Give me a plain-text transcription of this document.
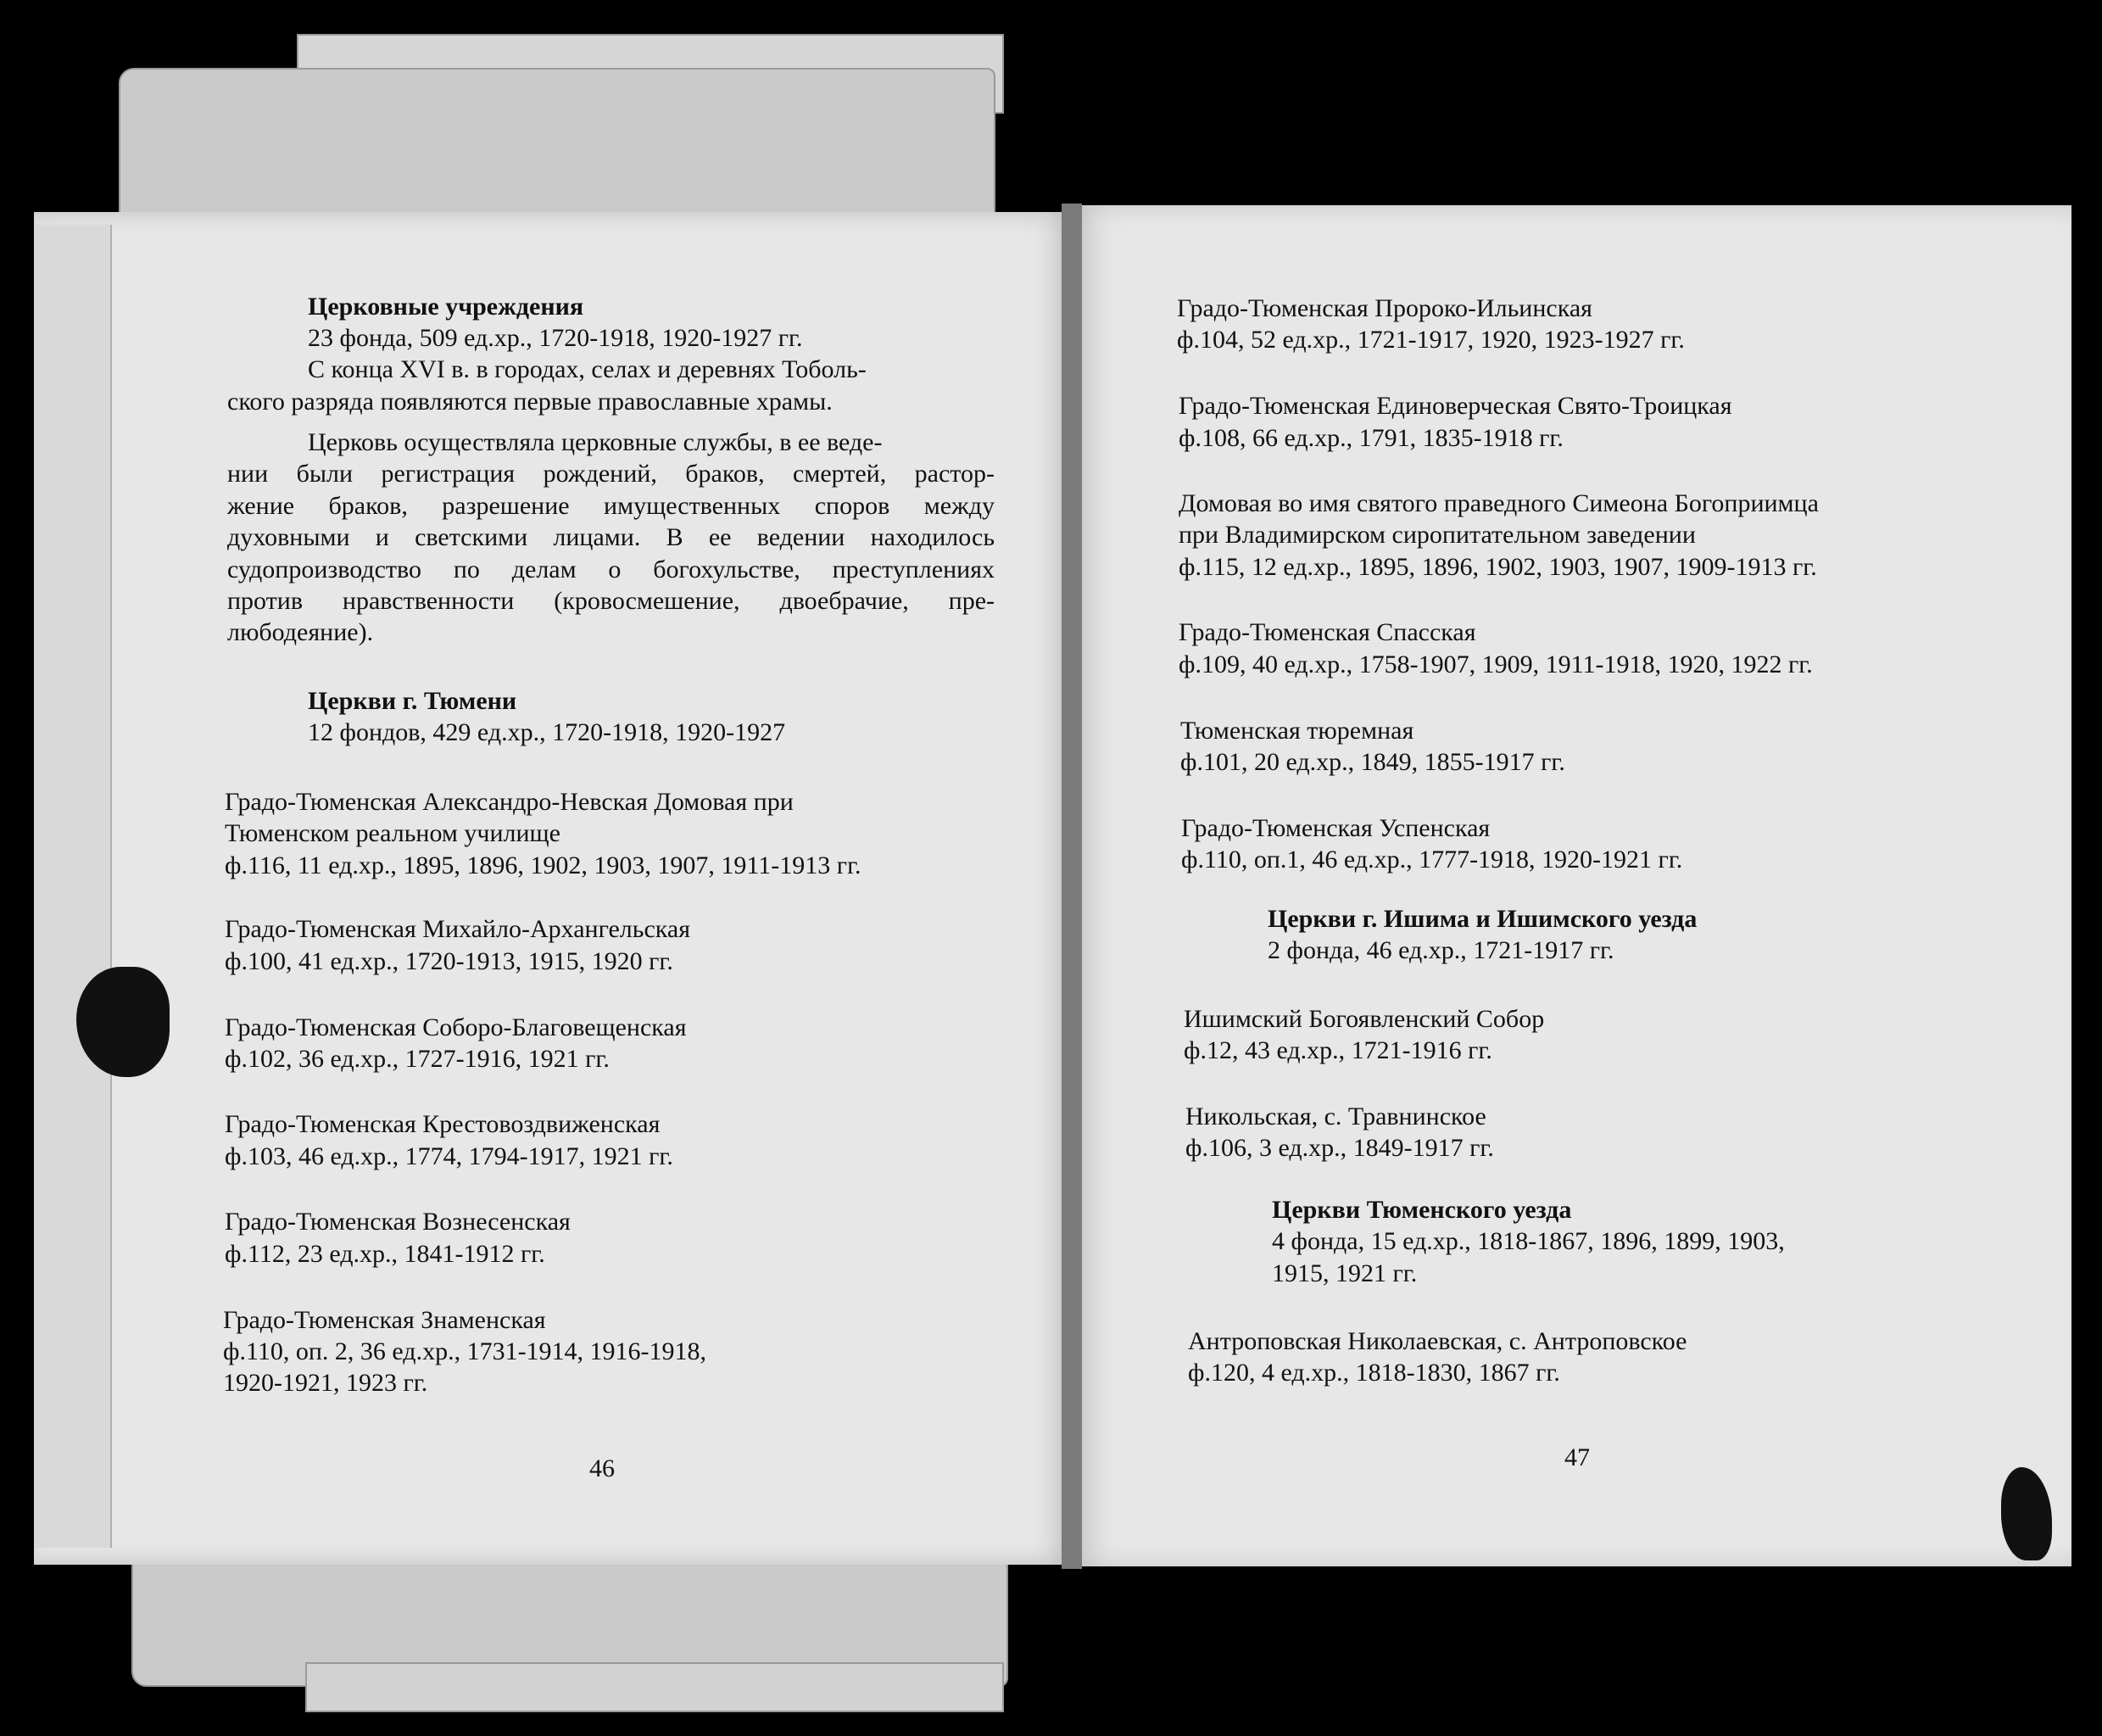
Церковные учреждения
23 фонда, 509 ед.хр., 1720-1918, 1920-1927 гг.
С конца XVI в. в городах, селах и деревнях Тоболь-
ского разряда появляются первые православные храмы.
Церковь осуществляла церковные службы, в ее веде-
нии были регистрация рождений, браков, смертей, растор-
жение браков, разрешение имущественных споров между
духовными и светскими лицами. В ее ведении находилось
судопроизводство по делам о богохульстве, преступлениях
против нравственности (кровосмешение, двоебрачие, пре-
любодеяние).
Церкви г. Тюмени
12 фондов, 429 ед.хр., 1720-1918, 1920-1927
Градо-Тюменская Александро-Невская Домовая при
Тюменском реальном училище
ф.116, 11 ед.хр., 1895, 1896, 1902, 1903, 1907, 1911-1913 гг.
Градо-Тюменская Михайло-Архангельская
ф.100, 41 ед.хр., 1720-1913, 1915, 1920 гг.
Градо-Тюменская Соборо-Благовещенская
ф.102, 36 ед.хр., 1727-1916, 1921 гг.
Градо-Тюменская Крестовоздвиженская
ф.103, 46 ед.хр., 1774, 1794-1917, 1921 гг.
Градо-Тюменская Вознесенская
ф.112, 23 ед.хр., 1841-1912 гг.
Градо-Тюменская Знаменская
ф.110, оп. 2, 36 ед.хр., 1731-1914, 1916-1918,
1920-1921, 1923 гг.
46
Градо-Тюменская Пророко-Ильинская
ф.104, 52 ед.хр., 1721-1917, 1920, 1923-1927 гг.
Градо-Тюменская Единоверческая Свято-Троицкая
ф.108, 66 ед.хр., 1791, 1835-1918 гг.
Домовая во имя святого праведного Симеона Богоприимца
при Владимирском сиропитательном заведении
ф.115, 12 ед.хр., 1895, 1896, 1902, 1903, 1907, 1909-1913 гг.
Градо-Тюменская Спасская
ф.109, 40 ед.хр., 1758-1907, 1909, 1911-1918, 1920, 1922 гг.
Тюменская тюремная
ф.101, 20 ед.хр., 1849, 1855-1917 гг.
Градо-Тюменская Успенская
ф.110, оп.1, 46 ед.хр., 1777-1918, 1920-1921 гг.
Церкви г. Ишима и Ишимского уезда
2 фонда, 46 ед.хр., 1721-1917 гг.
Ишимский Богоявленский Собор
ф.12, 43 ед.хр., 1721-1916 гг.
Никольская, с. Травнинское
ф.106, 3 ед.хр., 1849-1917 гг.
Церкви Тюменского уезда
4 фонда, 15 ед.хр., 1818-1867, 1896, 1899, 1903,
1915, 1921 гг.
Антроповская Николаевская, с. Антроповское
ф.120, 4 ед.хр., 1818-1830, 1867 гг.
47
